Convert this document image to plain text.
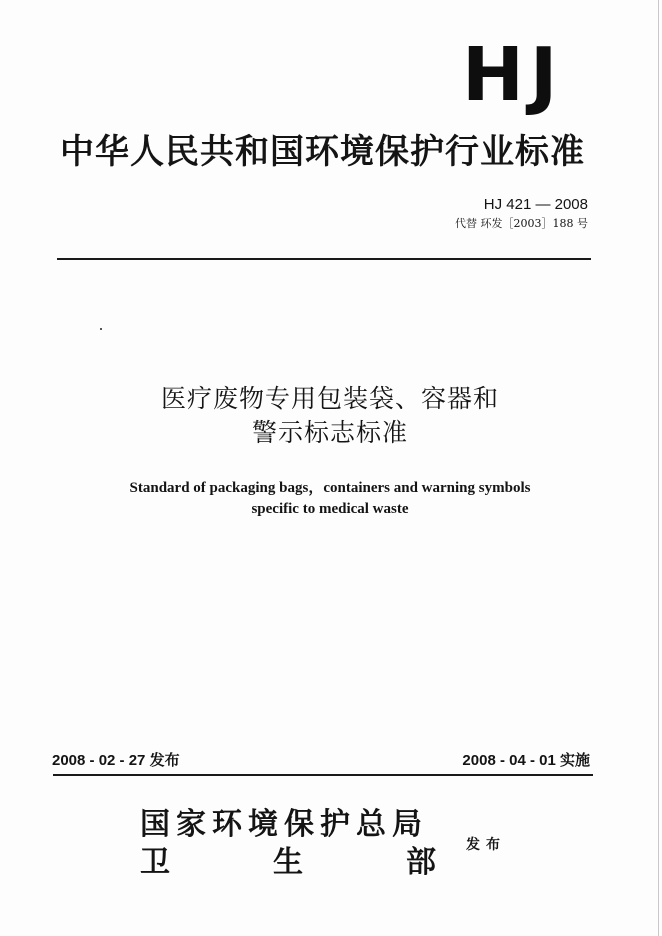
HJ
中华人民共和国环境保护行业标准
HJ 421 — 2008
代替 环发［2003］188 号
医疗废物专用包装袋、容器和
警示标志标准
Standard of packaging bags，containers and warning symbols
specific to medical waste
2008 - 02 - 27 发布	2008 - 04 - 01 实施
国家环境保护总局
卫	生	部 发布
